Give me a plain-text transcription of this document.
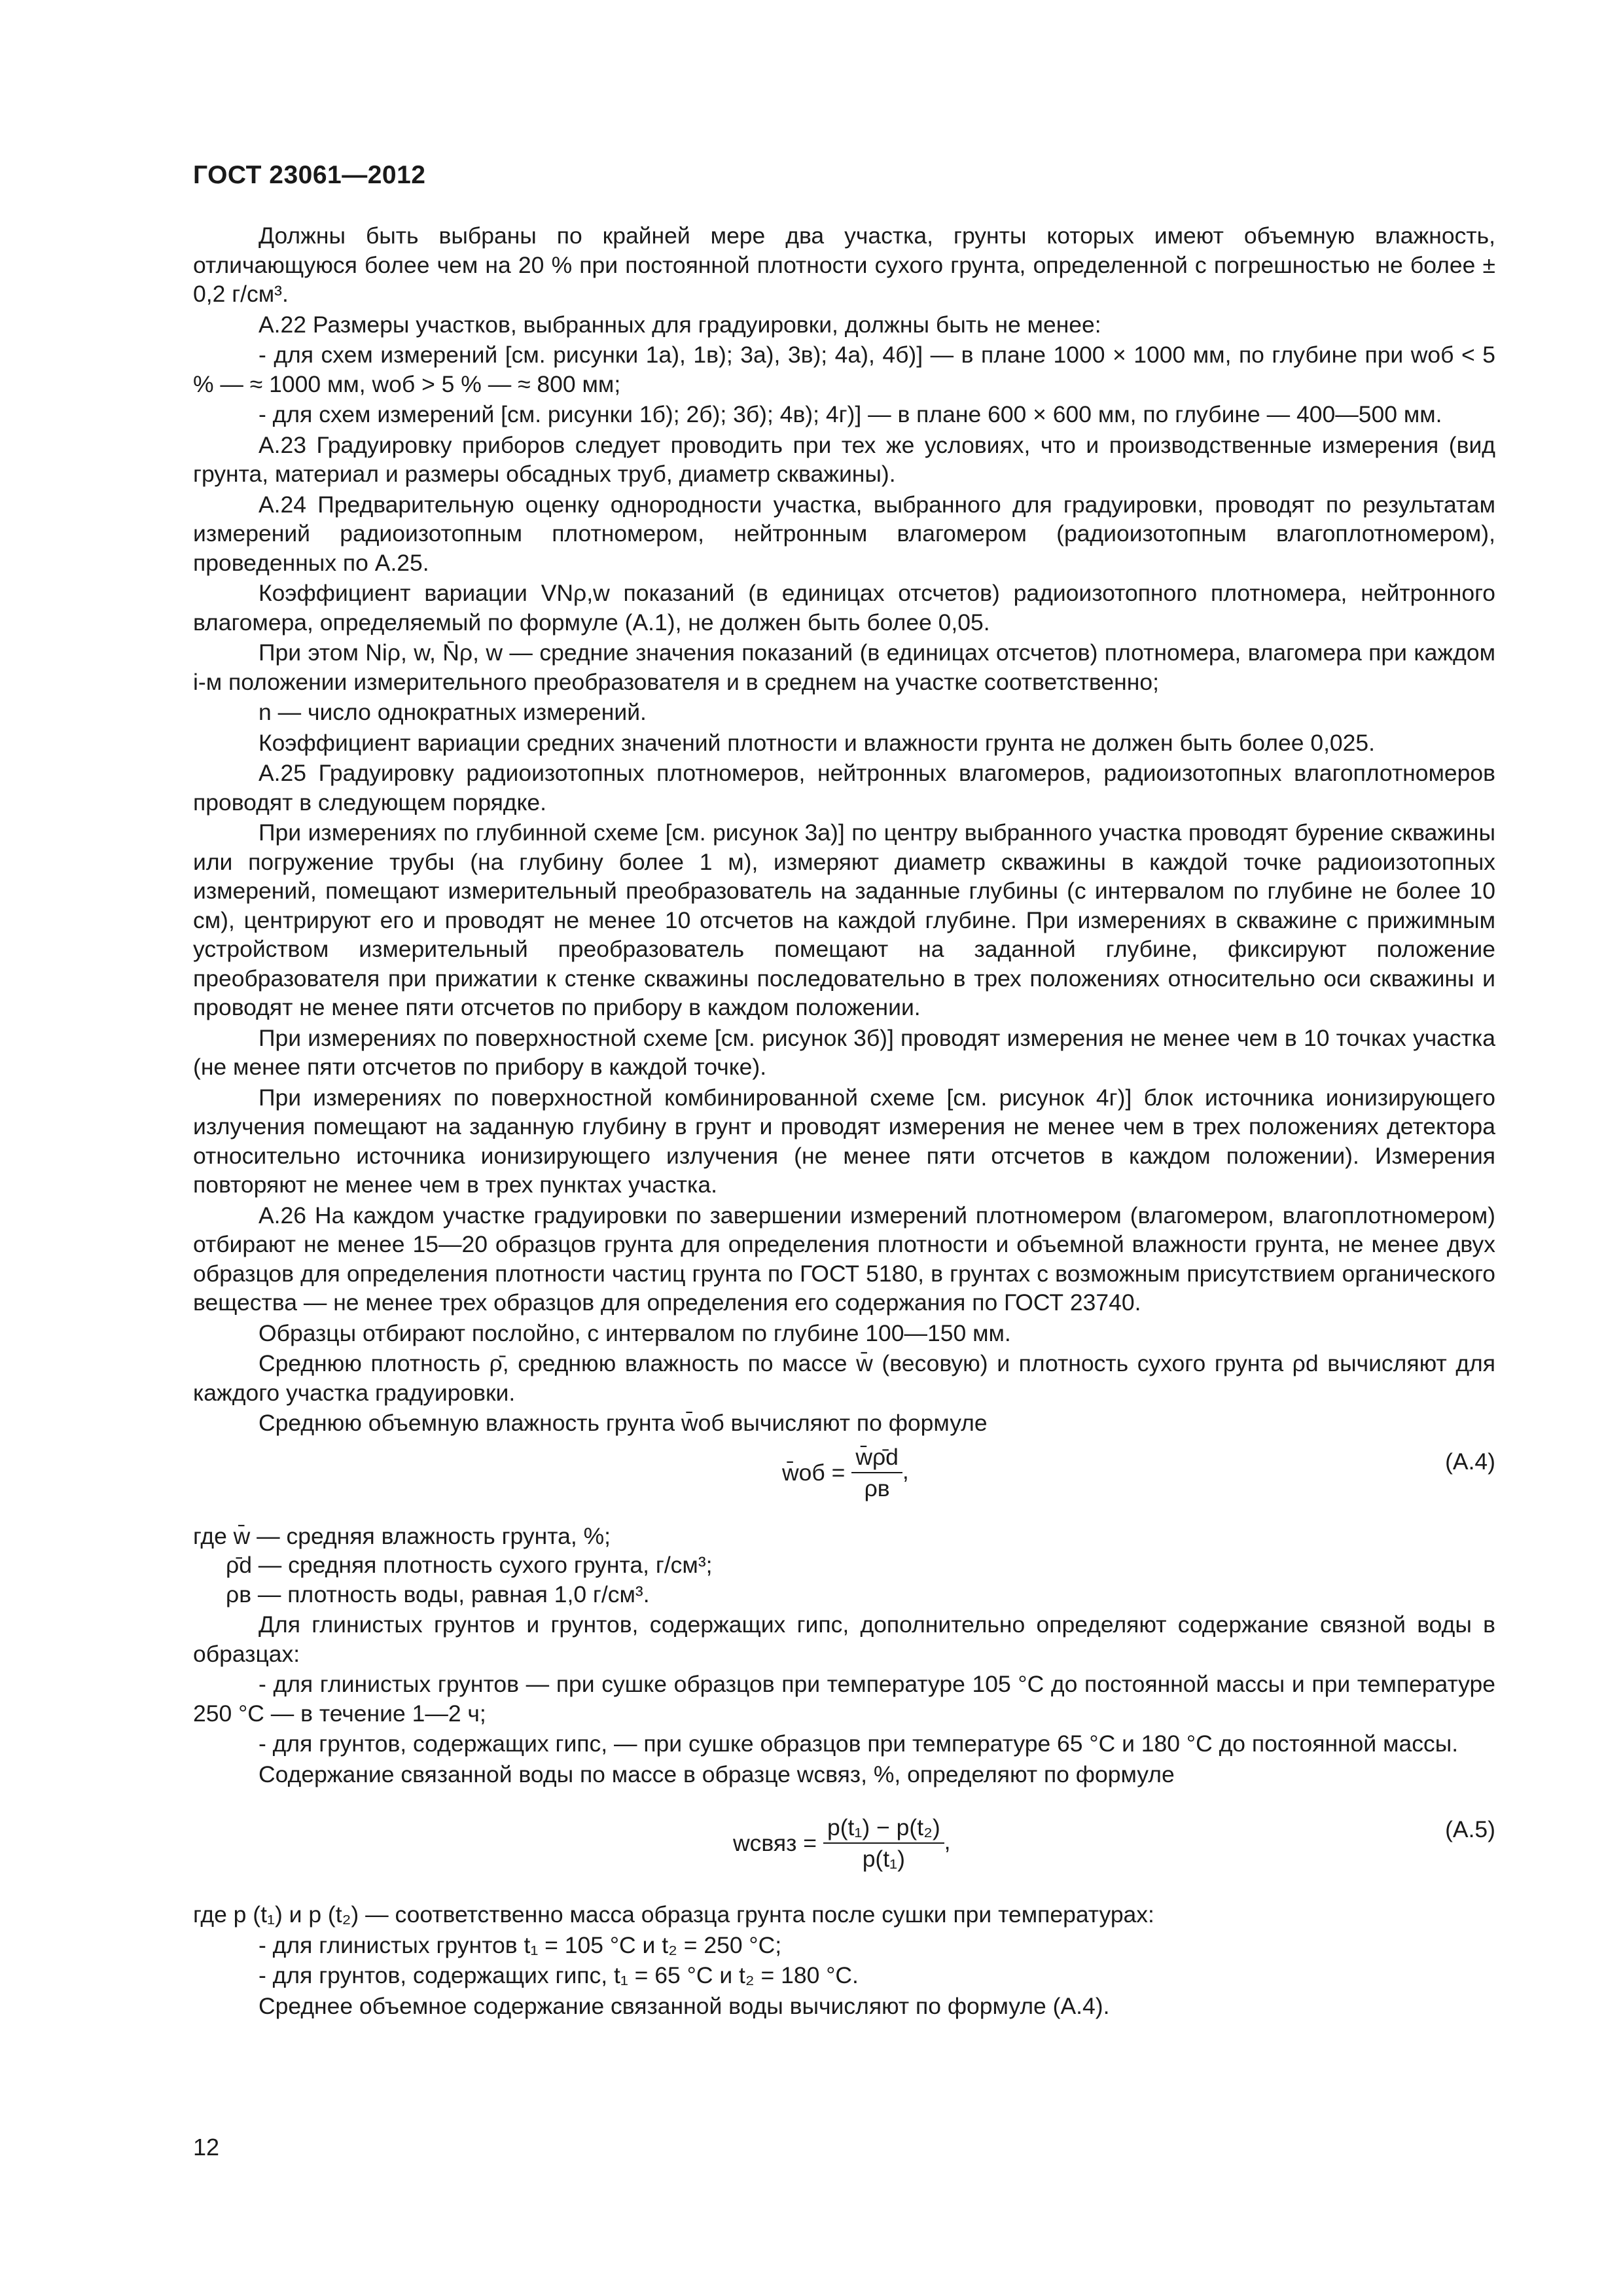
ГОСТ 23061—2012

Должны быть выбраны по крайней мере два участка, грунты которых имеют объемную влажность, отличающуюся более чем на 20 % при постоянной плотности сухого грунта, определенной с погрешностью не более ± 0,2 г/см³.

А.22 Размеры участков, выбранных для градуировки, должны быть не менее:

- для схем измерений [см. рисунки 1а), 1в); 3а), 3в); 4а), 4б)] — в плане 1000 × 1000 мм, по глубине при wоб < 5 % — ≈ 1000 мм, wоб > 5 % — ≈ 800 мм;

- для схем измерений [см. рисунки 1б); 2б); 3б); 4в); 4г)] — в плане 600 × 600 мм, по глубине — 400—500 мм.

А.23 Градуировку приборов следует проводить при тех же условиях, что и производственные измерения (вид грунта, материал и размеры обсадных труб, диаметр скважины).

А.24 Предварительную оценку однородности участка, выбранного для градуировки, проводят по результатам измерений радиоизотопным плотномером, нейтронным влагомером (радиоизотопным влагоплотномером), проведенных по А.25.

Коэффициент вариации VNρ,w показаний (в единицах отсчетов) радиоизотопного плотномера, нейтронного влагомера, определяемый по формуле (А.1), не должен быть более 0,05.

При этом Niρ, w, N̄ρ, w — средние значения показаний (в единицах отсчетов) плотномера, влагомера при каждом i-м положении измерительного преобразователя и в среднем на участке соответственно;

n — число однократных измерений.

Коэффициент вариации средних значений плотности и влажности грунта не должен быть более 0,025.

А.25 Градуировку радиоизотопных плотномеров, нейтронных влагомеров, радиоизотопных влагоплотномеров проводят в следующем порядке.

При измерениях по глубинной схеме [см. рисунок 3а)] по центру выбранного участка проводят бурение скважины или погружение трубы (на глубину более 1 м), измеряют диаметр скважины в каждой точке радиоизотопных измерений, помещают измерительный преобразователь на заданные глубины (с интервалом по глубине не более 10 см), центрируют его и проводят не менее 10 отсчетов на каждой глубине. При измерениях в скважине с прижимным устройством измерительный преобразователь помещают на заданной глубине, фиксируют положение преобразователя при прижатии к стенке скважины последовательно в трех положениях относительно оси скважины и проводят не менее пяти отсчетов по прибору в каждом положении.

При измерениях по поверхностной схеме [см. рисунок 3б)] проводят измерения не менее чем в 10 точках участка (не менее пяти отсчетов по прибору в каждой точке).

При измерениях по поверхностной комбинированной схеме [см. рисунок 4г)] блок источника ионизирующего излучения помещают на заданную глубину в грунт и проводят измерения не менее чем в трех положениях детектора относительно источника ионизирующего излучения (не менее пяти отсчетов в каждом положении). Измерения повторяют не менее чем в трех пунктах участка.

А.26 На каждом участке градуировки по завершении измерений плотномером (влагомером, влагоплотномером) отбирают не менее 15—20 образцов грунта для определения плотности и объемной влажности грунта, не менее двух образцов для определения плотности частиц грунта по ГОСТ 5180, в грунтах с возможным присутствием органического вещества — не менее трех образцов для определения его содержания по ГОСТ 23740.

Образцы отбирают послойно, с интервалом по глубине 100—150 мм.

Среднюю плотность ρ̄, среднюю влажность по массе w̄ (весовую) и плотность сухого грунта ρd вычисляют для каждого участка градуировки.

Среднюю объемную влажность грунта w̄об вычисляют по формуле

w̄об = $\frac{w̄\rhōd}{\rho в}$ ,	(А.4)
где w̄ — средняя влажность грунта, %;
ρ̄d — средняя плотность сухого грунта, г/см³;
ρв — плотность воды, равная 1,0 г/см³.

Для глинистых грунтов и грунтов, содержащих гипс, дополнительно определяют содержание связной воды в образцах:

- для глинистых грунтов — при сушке образцов при температуре 105 °С до постоянной массы и при температуре 250 °С — в течение 1—2 ч;

- для грунтов, содержащих гипс, — при сушке образцов при температуре 65 °С и 180 °С до постоянной массы.

Содержание связанной воды по массе в образце wсвяз, %, определяют по формуле

wсвяз = $\frac{\text{p(t₁) − p(t₂)}}{\text{p(t₁)}}$ ,	(А.5)

где p (t₁) и p (t₂) — соответственно масса образца грунта после сушки при температурах:

- для глинистых грунтов t₁ = 105 °С и t₂ = 250 °С;

- для грунтов, содержащих гипс, t₁ = 65 °С и t₂ = 180 °С.

Среднее объемное содержание связанной воды вычисляют по формуле (А.4).

12
